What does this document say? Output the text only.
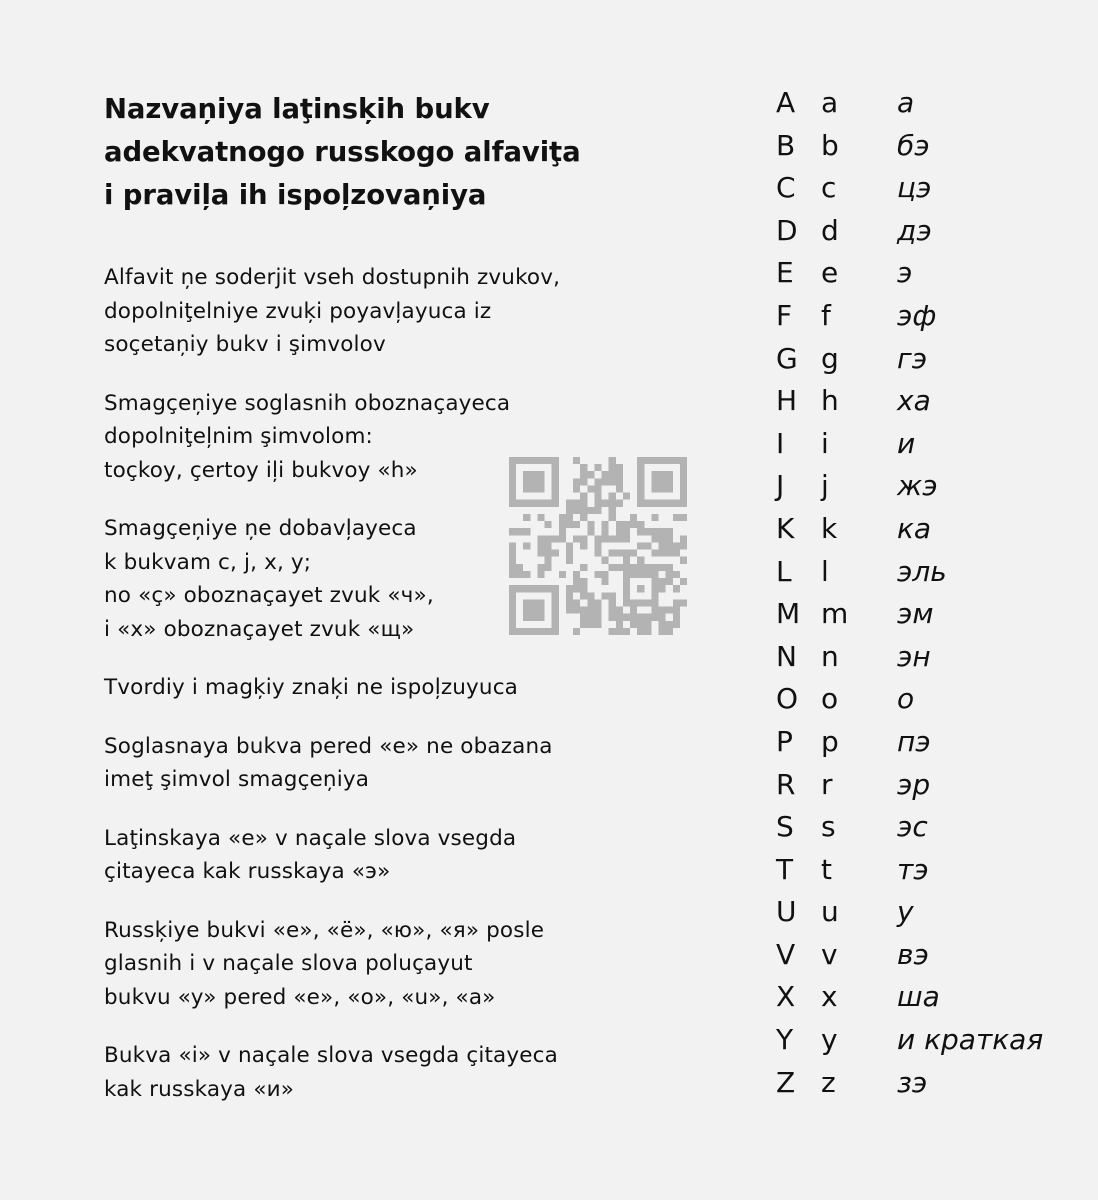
Nazvaņiya laţinsķih bukv
adekvatnogo russkogo alfaviţa
i praviļa ih ispoļzovaņiya
Alfavit ņe soderjit vseh dostupnih zvukov,
dopolniţelniye zvuķi poyavļayuca iz
soçetaņiy bukv i şimvolov
Smagçeņiye soglasnih oboznaçayeca
dopolniţeļnim şimvolom:
toçkoy, çertoy iļi bukvoy «h»
Smagçeņiye ņe dobavļayeca
k bukvam c, j, x, y;
no «ç» oboznaçayet zvuk «ч»,
i «x» oboznaçayet zvuk «щ»
Tvordiy i magķiy znaķi ne ispoļzuyuca
Soglasnaya bukva pered «e» ne obazana
imeţ şimvol smagçeņiya
Laţinskaya «e» v naçale slova vsegda
çitayeca kak russkaya «э»
Russķiye bukvi «е», «ё», «ю», «я» posle
glasnih i v naçale slova poluçayut
bukvu «y» pered «e», «o», «u», «a»
Bukva «i» v naçale slova vsegda çitayeca
kak russkaya «и»
A a а
B b бэ
C c цэ
D d дэ
E e э
F f эф
G g гэ
H h ха
I i и
J j жэ
K k ка
L l эль
M m эм
N n эн
O o о
P p пэ
R r эр
S s эс
T t тэ
U u у
V v вэ
X x ша
Y y и краткая
Z z зэ
